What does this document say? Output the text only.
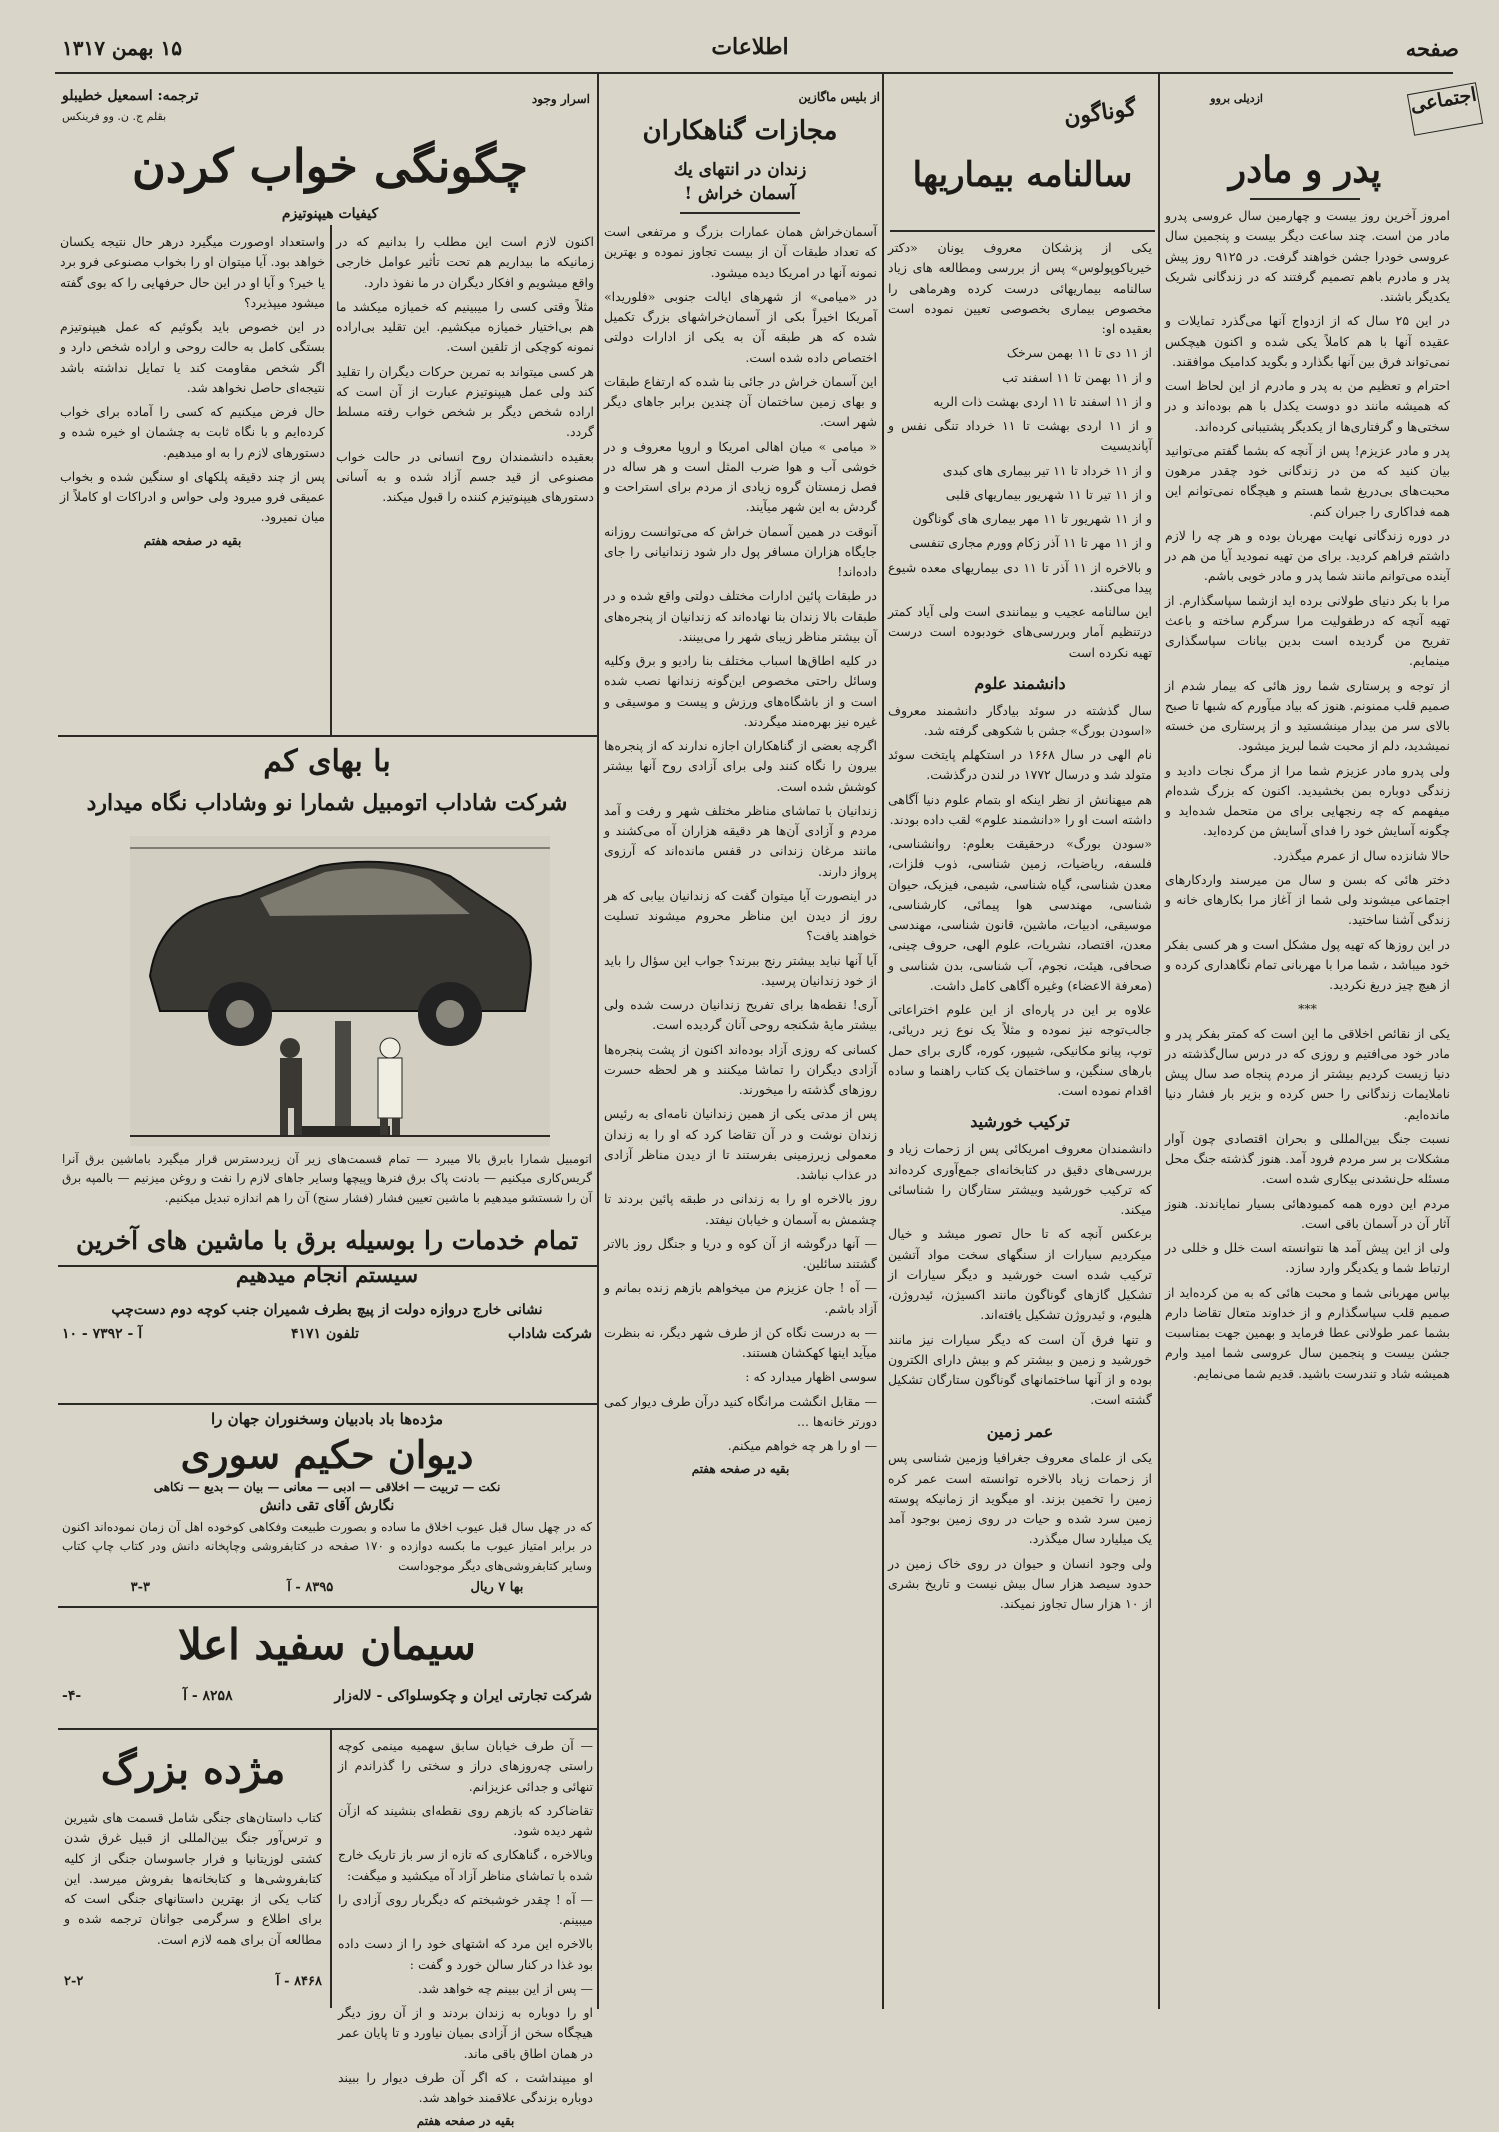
صفحه
اطلاعات
۱۵ بهمن ۱۳۱۷
اجتماعی
ازدیلی بروو
پدر و مادر

امروز آخرین روز بیست و چهارمین سال عروسی پدرو مادر من است. چند ساعت دیگر بیست و پنجمین سال عروسی خودرا جشن خواهند گرفت. در ۹۱۲۵ روز پیش پدر و مادرم باهم تصمیم گرفتند که در زندگانی شریک یکدیگر باشند.

در این ۲۵ سال که از ازدواج آنها می‌گذرد تمایلات و عقیده آنها با هم کاملاً یکی شده و اکنون هیچکس نمی‌تواند فرق بین آنها بگذارد و بگوید کدامیک موافقند.

احترام و تعظیم من به پدر و مادرم از این لحاظ است که همیشه مانند دو دوست یکدل با هم بوده‌اند و در سختی‌ها و گرفتاری‌ها از یکدیگر پشتیبانی کرده‌اند.

پدر و مادر عزیزم! پس از آنچه که بشما گفتم می‌توانید بیان کنید که من در زندگانی خود چقدر مرهون محبت‌های بی‌دریغ شما هستم و هیچگاه نمی‌توانم این همه فداکاری را جبران کنم.

در دوره زندگانی نهایت مهربان بوده و هر چه را لازم داشتم فراهم کردید. برای من تهیه نمودید آیا من هم در آینده می‌توانم مانند شما پدر و مادر خوبی باشم.

مرا با بکر دنیای طولانی برده اید ازشما سپاسگذارم. از تهیه آنچه که درطفولیت مرا سرگرم ساخته و باعث تفریح من گردیده است بدین بیانات سپاسگذاری مینمایم.

از توجه و پرستاری شما روز هائی که بیمار شدم از صمیم قلب ممنونم. هنوز که بیاد میآورم که شبها تا صبح بالای سر من بیدار مینشستید و از پرستاری من خسته نمیشدید، دلم از محبت شما لبریز میشود.

ولی پدرو مادر عزیزم شما مرا از مرگ نجات دادید و زندگی دوباره بمن بخشیدید. اکنون که بزرگ شده‌ام میفهمم که چه رنجهایی برای من متحمل شده‌اید و چگونه آسایش خود را فدای آسایش من کرده‌اید.

حالا شانزده سال از عمرم میگذرد.

دختر هائی که بسن و سال من میرسند واردکارهای اجتماعی میشوند ولی شما از آغاز مرا بکارهای خانه و زندگی آشنا ساختید.

در این روزها که تهیه پول مشکل است و هر کسی بفکر خود میباشد ، شما مرا با مهربانی تمام نگاهداری کرده و از هیچ چیز دریغ نکردید.

***

یکی از نقائص اخلاقی ما این است که کمتر بفکر پدر و مادر خود می‌افتیم و روزی که در درس سال‌گذشته در دنیا زیست کردیم بیشتر از مردم پنجاه صد سال پیش ناملایمات زندگانی را حس کرده و بزیر بار فشار دنیا مانده‌ایم.

نسبت جنگ بین‌المللی و بحران اقتصادی چون آوار مشکلات بر سر مردم فرود آمد. هنوز گذشته جنگ محل مسئله حل‌نشدنی بیکاری شده است.

مردم این دوره همه کمبودهائی بسیار نمایاندند. هنوز آثار آن در آسمان باقی است.

ولی از این پیش آمد ها نتوانسته است خلل و خللی در ارتباط شما و یکدیگر وارد سازد.

بپاس مهربانی شما و محبت هائی که به من کرده‌اید از صمیم قلب سپاسگذارم و از خداوند متعال تقاضا دارم بشما عمر طولانی عطا فرماید و بهمین جهت بمناسبت جشن بیست و پنجمین سال عروسی شما امید وارم همیشه شاد و تندرست باشید. قدیم شما می‌نمایم.

گوناگون
سالنامه بیماریها

یکی از پزشکان معروف یونان «دکتر خیریاکوپولوس» پس از بررسی ومطالعه های زیاد سالنامه بیماریهائی درست کرده وهرماهی را مخصوص بیماری بخصوصی تعیین نموده است بعقیده او:

از ۱۱ دی تا ۱۱ بهمن سرخک

و از ۱۱ بهمن تا ۱۱ اسفند تب

و از ۱۱ اسفند تا ۱۱ اردی بهشت ذات الریه

و از ۱۱ اردی بهشت تا ۱۱ خرداد تنگی نفس و آپاندیسیت

و از ۱۱ خرداد تا ۱۱ تیر بیماری های کبدی

و از ۱۱ تیر تا ۱۱ شهریور بیماریهای قلبی

و از ۱۱ شهریور تا ۱۱ مهر بیماری های گوناگون

و از ۱۱ مهر تا ۱۱ آذر زکام وورم مجاری تنفسی

و بالاخره از ۱۱ آذر تا ۱۱ دی بیماریهای معده شیوع پیدا می‌کنند.

این سالنامه عجیب و بیمانندی است ولی آیاد کمتر درتنظیم آمار وبررسی‌های خودبوده است درست تهیه نکرده است

دانشمند علوم

سال گذشته در سوئد بیادگار دانشمند معروف «اسودن بورگ» جشن با شکوهی گرفته شد.

نام الهی در سال ۱۶۶۸ در استکهلم پایتخت سوئد متولد شد و درسال ۱۷۷۲ در لندن درگذشت.

هم میهنانش از نظر اینکه او بتمام علوم دنیا آگاهی داشته است او را «دانشمند علوم» لقب داده بودند.

«سودن بورگ» درحقیقت بعلوم: روانشناسی، فلسفه، ریاضیات، زمین شناسی، ذوب فلزات، معدن شناسی، گیاه شناسی، شیمی، فیزیک، حیوان شناسی، مهندسی هوا پیمائی، کارشناسی، موسیقی، ادبیات، ماشین، قانون شناسی، مهندسی معدن، اقتصاد، نشریات، علوم الهی، حروف چینی، صحافی، هیئت، نجوم، آب شناسی، بدن شناسی و (معرفة الاعضاء) وغیره آگاهی کامل داشت.

علاوه بر این در پاره‌ای از این علوم اختراعاتی جالب‌توجه نیز نموده و مثلاً یک نوع زیر دریائی، توپ، پیانو مکانیکی، شیپور، کوره، گاری برای حمل بارهای سنگین، و ساختمان یک کتاب راهنما و ساده اقدام نموده است.

ترکیب خورشید

دانشمندان معروف امریکائی پس از زحمات زیاد و بررسی‌های دقیق در کتابخانه‌ای جمع‌آوری کرده‌اند که ترکیب خورشید وبیشتر ستارگان را شناسائی میکند.

برعکس آنچه که تا حال تصور میشد و خیال میکردیم سیارات از سنگهای سخت مواد آتشین ترکیب شده است خورشید و دیگر سیارات از تشکیل گازهای گوناگون مانند اکسیژن، ئیدروژن، هلیوم، و ئیدروژن تشکیل یافته‌اند.

و تنها فرق آن است که دیگر سیارات نیز مانند خورشید و زمین و بیشتر کم و بیش دارای الکترون بوده و از آنها ساختمانهای گوناگون ستارگان تشکیل گشته است.

عمر زمین

یکی از علمای معروف جغرافیا وزمین شناسی پس از زحمات زیاد بالاخره توانسته است عمر کره زمین را تخمین بزند. او میگوید از زمانیکه پوسته زمین سرد شده و حیات در روی زمین بوجود آمد یک میلیارد سال میگذرد.

ولی وجود انسان و حیوان در روی خاک زمین در حدود سیصد هزار سال بیش نیست و تاریخ بشری از ۱۰ هزار سال تجاوز نمیکند.

از بلیس ماگازین
مجازات گناهکاران
زندان در انتهای یك
آسمان خراش !

آسمان‌خراش همان عمارات بزرگ و مرتفعی است که تعداد طبقات آن از بیست تجاوز نموده و بهترین نمونه آنها در امریکا دیده میشود.

در «میامی» از شهرهای ایالت جنوبی «فلوریدا» آمریکا اخیراً بکی از آسمان‌خراشهای بزرگ تکمیل شده که هر طبقه آن به یکی از ادارات دولتی اختصاص داده شده است.

این آسمان خراش در جائی بنا شده که ارتفاع طبقات و بهای زمین ساختمان آن چندین برابر جاهای دیگر شهر است.

« میامی » میان اهالی امریکا و اروپا معروف و در خوشی آب و هوا ضرب المثل است و هر ساله در فصل زمستان گروه زیادی از مردم برای استراحت و گردش به این شهر میآیند.

آنوقت در همین آسمان خراش که می‌توانست روزانه جایگاه هزاران مسافر پول دار شود زندانیانی را جای داده‌اند!

در طبقات پائین ادارات مختلف دولتی واقع شده و در طبقات بالا زندان بنا نهاده‌اند که زندانیان از پنجره‌های آن بیشتر مناظر زیبای شهر را می‌بینند.

در کلیه اطاق‌ها اسباب مختلف بنا رادیو و برق وکلیه وسائل راحتی مخصوص این‌گونه زندانها نصب شده است و از باشگاه‌های ورزش و پیست و موسیقی و غیره نیز بهره‌مند میگردند.

اگرچه بعضی از گناهکاران اجازه ندارند که از پنجره‌ها بیرون را نگاه کنند ولی برای آزادی روح آنها بیشتر کوشش شده است.

زندانیان با تماشای مناظر مختلف شهر و رفت و آمد مردم و آزادی آن‌ها هر دقیقه هزاران آه می‌کشند و مانند مرغان زندانی در قفس مانده‌اند که آرزوی پرواز دارند.

در اینصورت آیا میتوان گفت که زندانیان بیابی که هر روز از دیدن این مناظر محروم میشوند تسلیت خواهند یافت؟

آیا آنها نباید بیشتر رنج ببرند؟ جواب این سؤال را باید از خود زندانیان پرسید.

آری! نقطه‌ها برای تفریح زندانیان درست شده ولی بیشتر مایهٔ شکنجه روحی آنان گردیده است.

کسانی که روزی آزاد بوده‌اند اکنون از پشت پنجره‌ها آزادی دیگران را تماشا میکنند و هر لحظه حسرت روزهای گذشته را میخورند.

پس از مدتی یکی از همین زندانیان نامه‌ای به رئیس زندان نوشت و در آن تقاضا کرد که او را به زندان معمولی زیرزمینی بفرستند تا از دیدن مناظر آزادی در عذاب نباشد.

روز بالاخره او را به زندانی در طبقه پائین بردند تا چشمش به آسمان و خیابان نیفتد.

— آنها درگوشه از آن کوه و دریا و جنگل روز بالاتر گشتند سائلین.

— آه ! جان عزیزم من میخواهم بازهم زنده بمانم و آزاد باشم.

— به درست نگاه کن از طرف شهر دیگر، نه بنظرت میآید اینها کهکشان هستند.

سوسی اظهار میدارد که :

— مقابل انگشت ‌مرانگاه کنید درآن طرف دیوار کمی دورتر خانه‌ها ...

— او را هر چه خواهم میکنم.

بقیه در صفحه هفتم

اسرار وجود
ترجمه: اسمعیل خطیبلو
بقلم ج. ن. وو فرینکس
چگونگی خواب کردن
کیفیات هیپنوتیزم

واستعداد اوصورت میگیرد درهر حال نتیجه یکسان خواهد بود. آیا میتوان او را بخواب مصنوعی فرو برد یا خیر؟ و آیا او در این حال حرفهایی را که بوی گفته میشود میپذیرد؟

در این خصوص باید بگوئیم که عمل هیپنوتیزم بستگی کامل به حالت روحی و اراده شخص دارد و اگر شخص مقاومت کند یا تمایل نداشته باشد نتیجه‌ای حاصل نخواهد شد.

حال فرض میکنیم که کسی را آماده برای خواب کرده‌ایم و با نگاه ثابت به چشمان او خیره شده و دستورهای لازم را به او میدهیم.

پس از چند دقیقه پلکهای او سنگین شده و بخواب عمیقی فرو میرود ولی حواس و ادراکات او کاملاً از میان نمیرود.

بقیه در صفحه هفتم

اکنون لازم است این مطلب را بدانیم که در زمانیکه ما بیداریم هم تحت تأثیر عوامل خارجی واقع میشویم و افکار دیگران در ما نفوذ دارد.

مثلاً وقتی کسی را میبینیم که خمیازه میکشد ما هم بی‌اختیار خمیازه میکشیم. این تقلید بی‌اراده نمونه کوچکی از تلقین است.

هر کسی میتواند به تمرین حرکات دیگران را تقلید کند ولی عمل هیپنوتیزم عبارت از آن است که اراده شخص دیگر بر شخص خواب رفته مسلط گردد.

بعقیده دانشمندان روح انسانی در حالت خواب مصنوعی از قید جسم آزاد شده و به آسانی دستورهای هیپنوتیزم کننده را قبول میکند.

با بهای کم
شرکت شاداب اتومبیل شمارا نو وشاداب نگاه میدارد
اتومبیل شمارا بابرق بالا میبرد — تمام قسمت‌های زیر آن زیردسترس قرار میگیرد باماشین برق آنرا گریس‌کاری میکنیم — بادنت پاک برق فنرها وپیچها وسایر جاهای لازم را نفت و روغن میزنیم — بالمپه برق آن را شستشو میدهیم با ماشین تعیین فشار (فشار سنج) آن را هم اندازه تبدیل میکنیم.
تمام خدمات را بوسیله برق با ماشین های آخرین
سیستم انجام میدهیم
نشانی خارج دروازه دولت از پیچ بطرف شمیران جنب کوچه دوم دست‌چپ
شرکت شاداب
تلفون ۴۱۷۱
آ - ۷۳۹۲ - ۱۰
مژده‌ها باد بادبیان وسخنوران جهان را
دیوان حکیم سوری
نکت — تربیت — اخلاقی — ادبی — معانی — بیان — بدیع — نکاهی
نگارش آقای تقی دانش
که در چهل سال قبل عیوب اخلاق ما ساده و بصورت طبیعت وفکاهی کوخوده اهل آن زمان نموده‌اند اکنون در برابر امتیاز عیوب ما بکسه دوازده و ۱۷۰ صفحه در کتابفروشی وچاپخانه دانش ودر کتاب چاپ کتاب وسایر کتابفروشی‌های دیگر موجوداست
بها ۷ ریال
۸۳۹۵ - آ
۳-۳
سیمان سفید اعلا
شرکت تجارتی ایران و چکوسلواکی - لاله‌زار
۸۲۵۸ - آ
-۴-
مژده بزرگ
کتاب داستان‌های جنگی شامل قسمت های شیرین و ترس‌آور جنگ بین‌المللی از قبیل غرق شدن کشتی لوزیتانیا و فرار جاسوسان جنگی از کلیه کتابفروشی‌ها و کتابخانه‌ها بفروش میرسد. این کتاب یکی از بهترین داستانهای جنگی است که برای اطلاع و سرگرمی جوانان ترجمه شده و مطالعه آن برای همه لازم است.
۸۴۶۸ - آ
۲-۲

— آن طرف خیابان سابق سهمیه مینمی کوچه راستی چه‌روزهای دراز و سختی را گذراندم از تنهائی و جدائی عزیزانم.

تقاضاکرد که بازهم روی نقطه‌ای بنشیند که ازآن شهر دیده شود.

وبالاخره ، گناهکاری که تازه از سر باز تاریک خارج شده با تماشای مناظر آزاد آه میکشید و میگفت:

— آه ! چقدر خوشبختم که دیگربار روی آزادی را میبینم.

بالاخره این مرد که اشتهای خود را از دست داده بود غذا در کنار سالن خورد و گفت :

— پس از این ببینم چه خواهد شد.

او را دوباره به زندان بردند و از آن روز دیگر هیچگاه سخن از آزادی بمیان نیاورد و تا پایان عمر در همان اطاق باقی ماند.

او میپنداشت ، که اگر آن طرف دیوار را ببیند دوباره بزندگی علاقمند خواهد شد.

بقیه در صفحه هفتم
